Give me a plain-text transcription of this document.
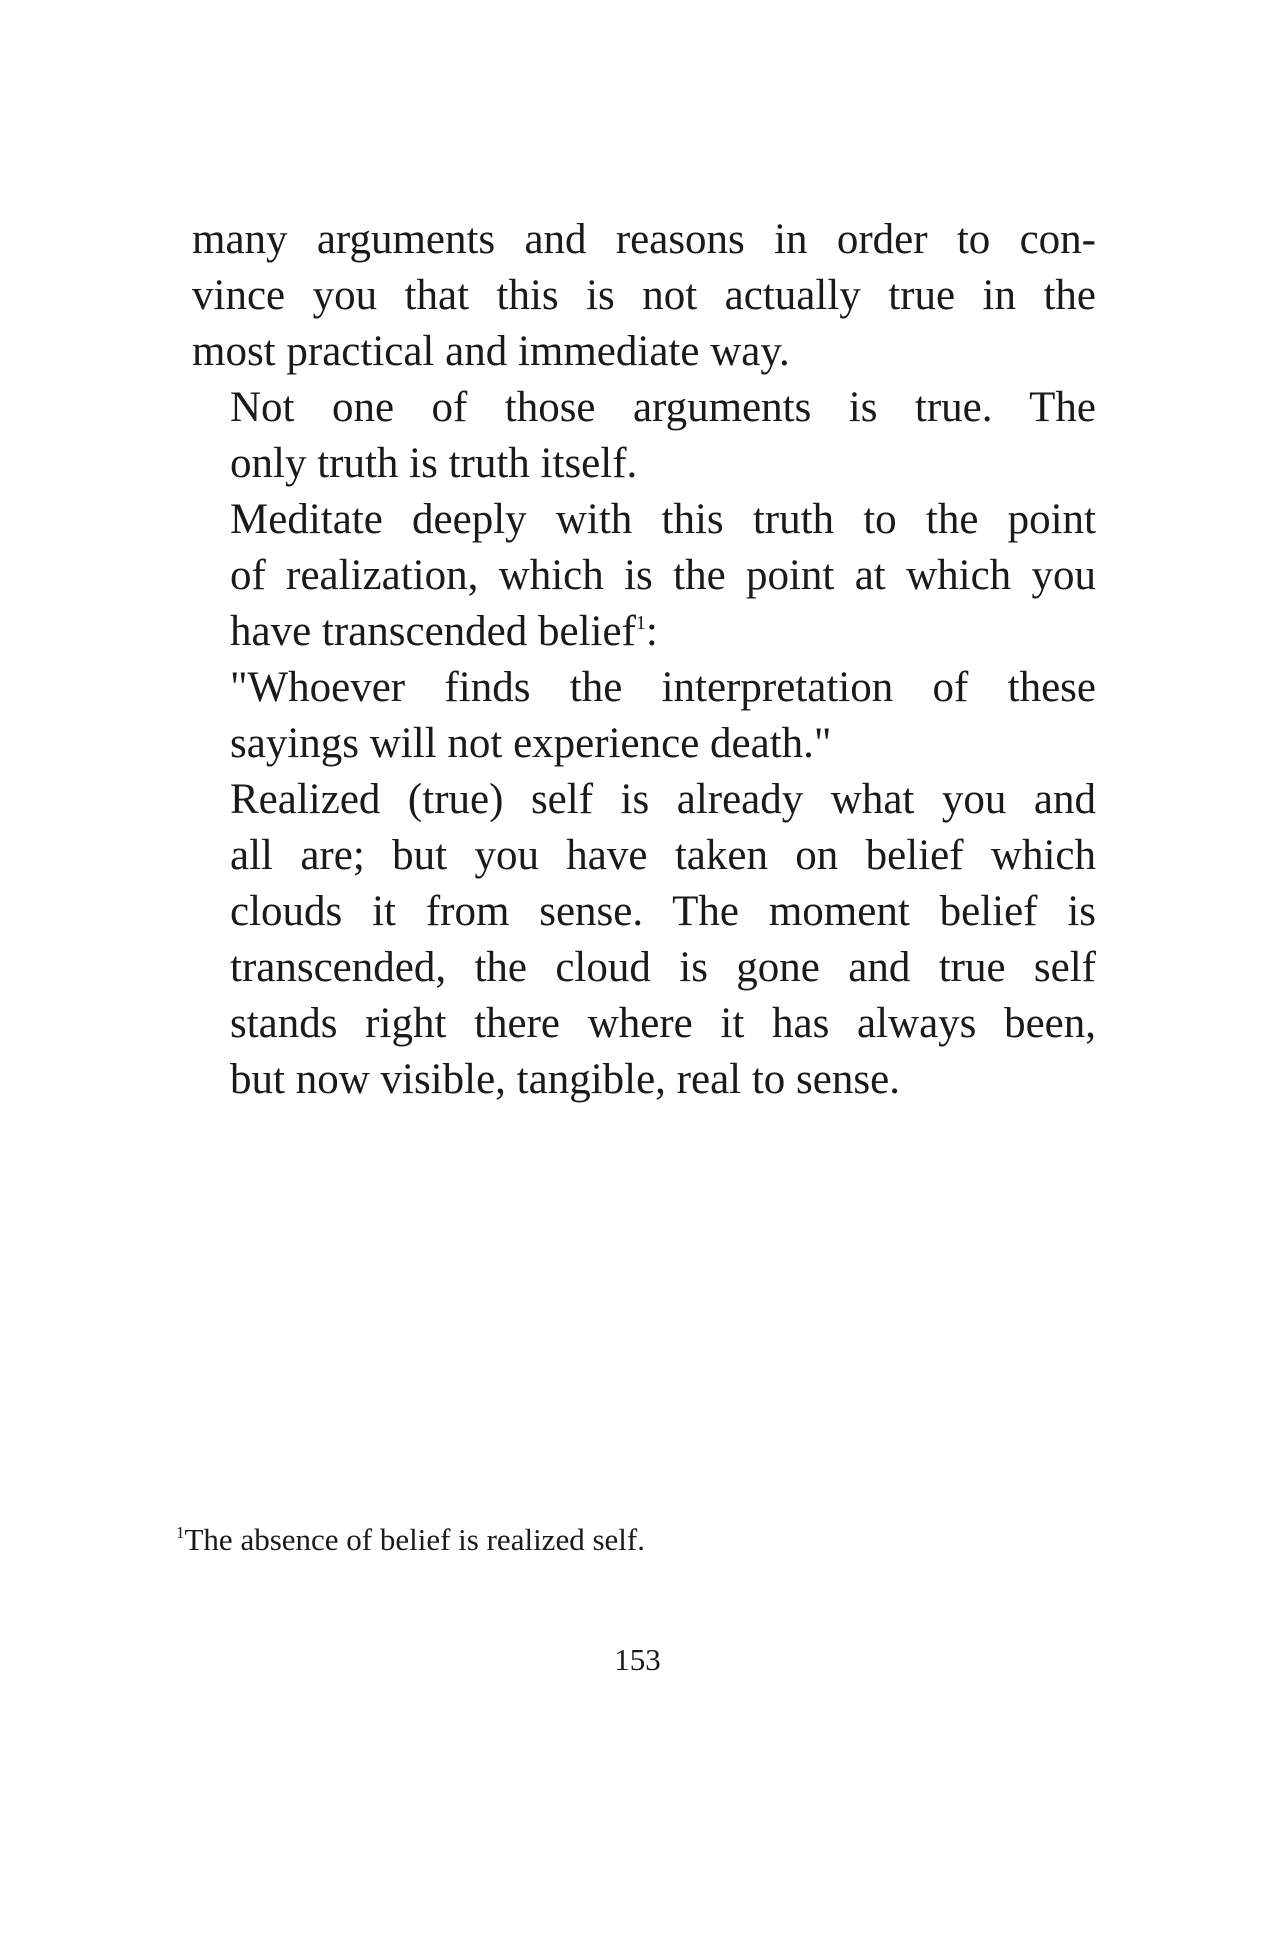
many arguments and reasons in order to con-
vince you that this is not actually true in the
most practical and immediate way.

Not one of those arguments is true. The
only truth is truth itself.

Meditate deeply with this truth to the point
of realization, which is the point at which you
have transcended belief$^1$:

"Whoever finds the interpretation of these
sayings will not experience death."

Realized (true) self is already what you and
all are; but you have taken on belief which
clouds it from sense. The moment belief is
transcended, the cloud is gone and true self
stands right there where it has always been,
but now visible, tangible, real to sense.

$^1$The absence of belief is realized self.
153
